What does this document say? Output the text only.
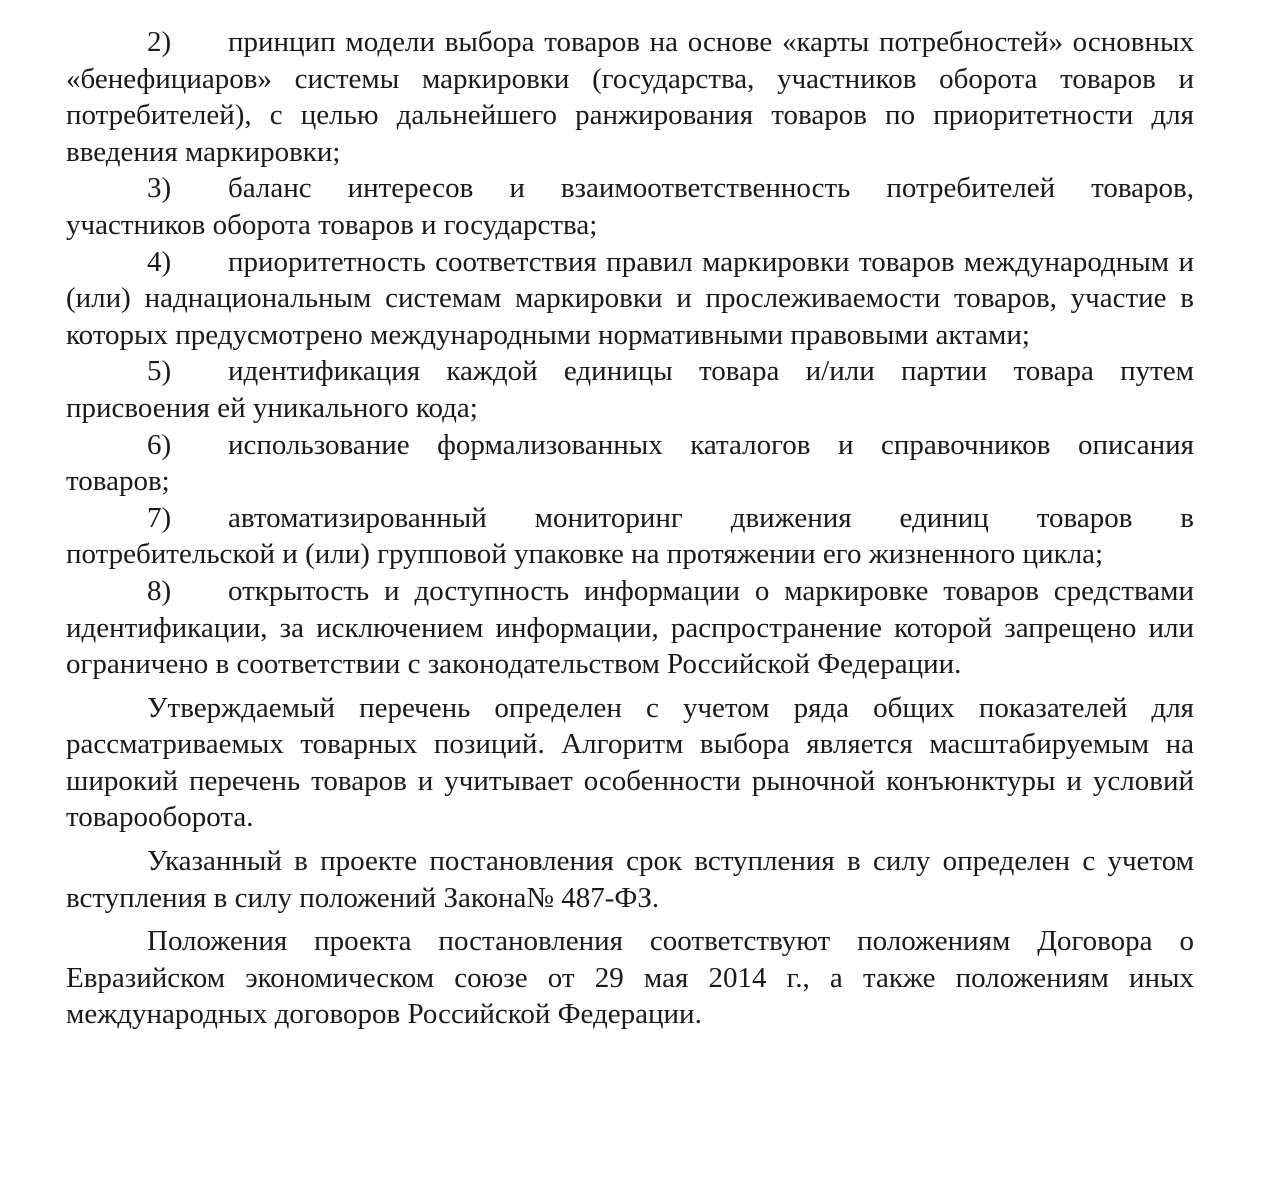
2) принцип модели выбора товаров на основе «карты потребностей» основных «бенефициаров» системы маркировки (государства, участников оборота товаров и потребителей), с целью дальнейшего ранжирования товаров по приоритетности для введения маркировки;

3) баланс интересов и взаимоответственность потребителей товаров, участников оборота товаров и государства;

4) приоритетность соответствия правил маркировки товаров международным и (или) наднациональным системам маркировки и прослеживаемости товаров, участие в которых предусмотрено международными нормативными правовыми актами;

5) идентификация каждой единицы товара и/или партии товара путем присвоения ей уникального кода;

6) использование формализованных каталогов и справочников описания товаров;

7) автоматизированный мониторинг движения единиц товаров в потребительской и (или) групповой упаковке на протяжении его жизненного цикла;

8) открытость и доступность информации о маркировке товаров средствами идентификации, за исключением информации, распространение которой запрещено или ограничено в соответствии с законодательством Российской Федерации.

Утверждаемый перечень определен с учетом ряда общих показателей для рассматриваемых товарных позиций. Алгоритм выбора является масштабируемым на широкий перечень товаров и учитывает особенности рыночной конъюнктуры и условий товарооборота.

Указанный в проекте постановления срок вступления в силу определен с учетом вступления в силу положений Закона№ 487-ФЗ.

Положения проекта постановления соответствуют положениям Договора о Евразийском экономическом союзе от 29 мая 2014 г., а также положениям иных международных договоров Российской Федерации.
